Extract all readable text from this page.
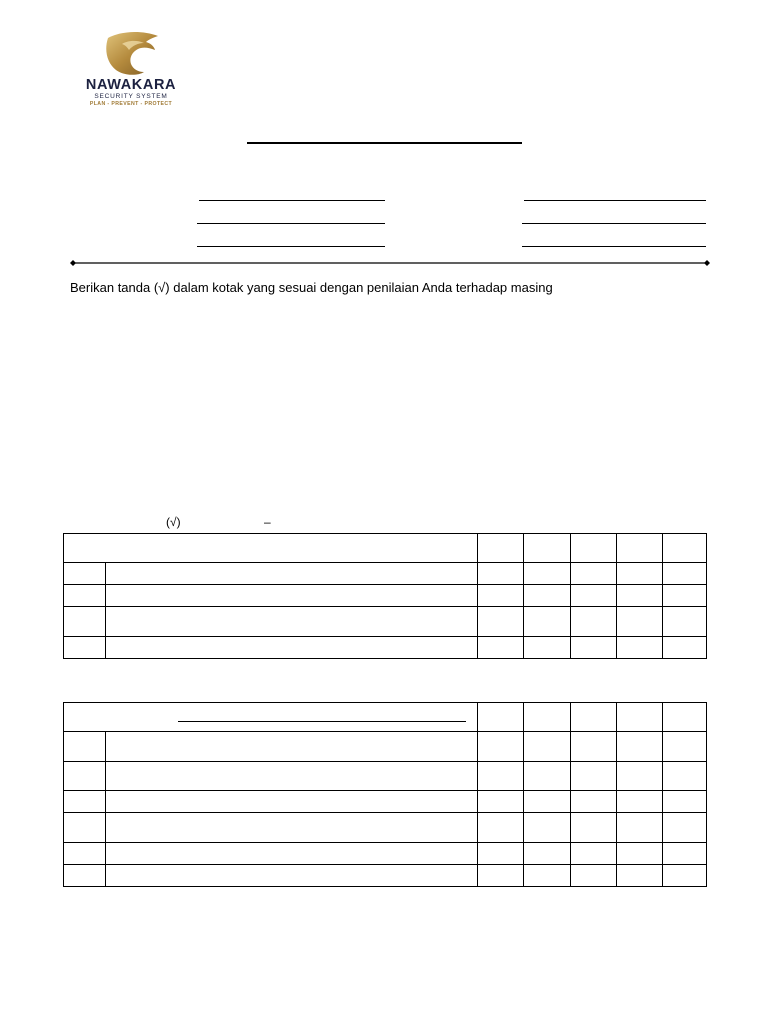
NAWAKARA
SECURITY SYSTEM
PLAN - PREVENT - PROTECT
Berikan tanda (√) dalam kotak yang sesuai dengan penilaian Anda terhadap masing
(√)	–
